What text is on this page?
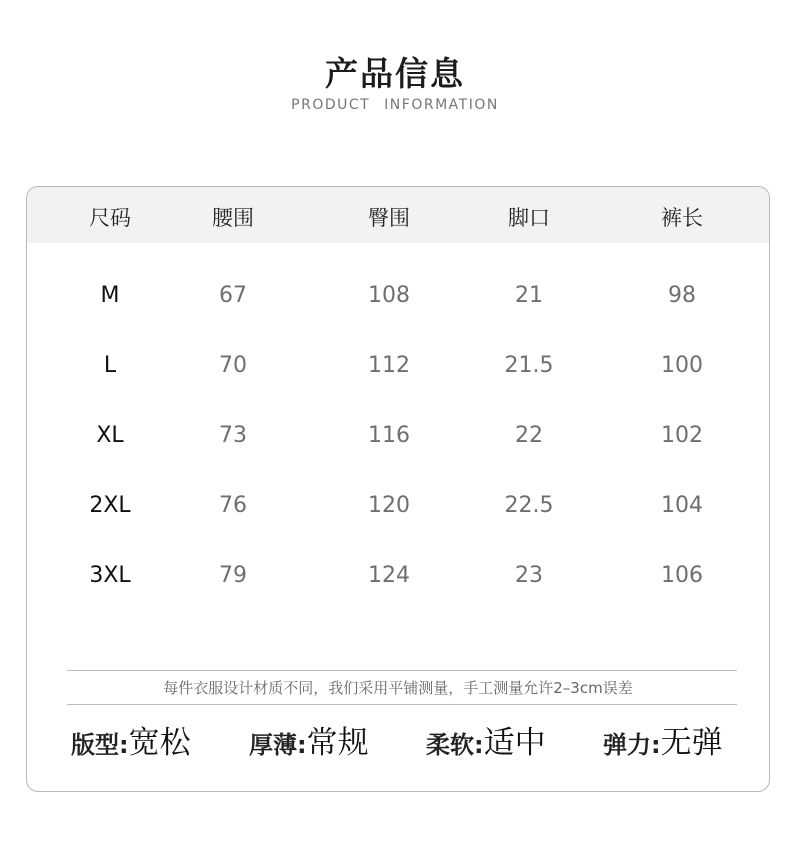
产品信息
PRODUCT INFORMATION
尺码	腰围	臀围	脚口	裤长
M	67	108	21	98
L	70	112	21.5	100
XL	73	116	22	102
2XL	76	120	22.5	104
3XL	79	124	23	106
每件衣服设计材质不同，我们采用平铺测量，手工测量允许2–3cm误差
版型:宽松 厚薄:常规 柔软:适中 弹力:无弹
